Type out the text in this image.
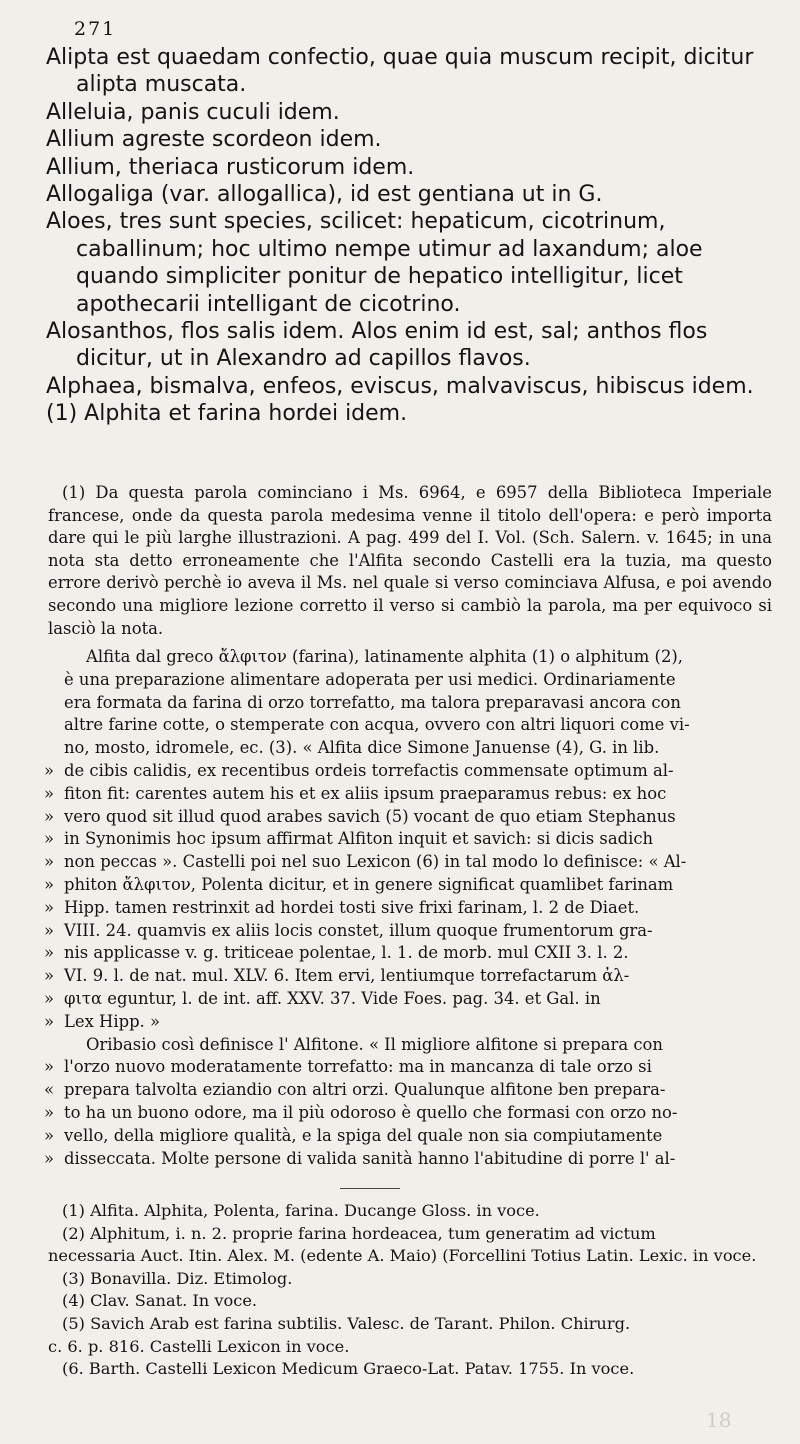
271
Alipta est quaedam confectio, quae quia muscum recipit, dicitur alipta muscata.
Alleluia, panis cuculi idem.
Allium agreste scordeon idem.
Allium, theriaca rusticorum idem.
Allogaliga (var. allogallica), id est gentiana ut in G.
Aloes, tres sunt species, scilicet: hepaticum, cicotrinum, caballinum; hoc ultimo nempe utimur ad laxandum; aloe quando simpliciter ponitur de hepatico intelligitur, licet apothecarii intelligant de cicotrino.
Alosanthos, flos salis idem. Alos enim id est, sal; anthos flos dicitur, ut in Alexandro ad capillos flavos.
Alphaea, bismalva, enfeos, eviscus, malvaviscus, hibiscus idem.
(1) Alphita et farina hordei idem.
(1) Da questa parola cominciano i Ms. 6964, e 6957 della Biblioteca Imperiale francese, onde da questa parola medesima venne il titolo dell'opera: e però importa dare qui le più larghe illustrazioni. A pag. 499 del I. Vol. (Sch. Salern. v. 1645; in una nota sta detto erroneamente che l'Alfita secondo Castelli era la tuzia, ma questo errore derivò perchè io aveva il Ms. nel quale si verso cominciava Alfusa, e poi avendo secondo una migliore lezione corretto il verso si cambiò la parola, ma per equivoco si lasciò la nota.
Alfita dal greco ἄλφιτον (farina), latinamente alphita (1) o alphitum (2),
è una preparazione alimentare adoperata per usi medici. Ordinariamente
era formata da farina di orzo torrefatto, ma talora preparavasi ancora con
altre farine cotte, o stemperate con acqua, ovvero con altri liquori come vi-
no, mosto, idromele, ec. (3). « Alfita dice Simone Januense (4), G. in lib.
» de cibis calidis, ex recentibus ordeis torrefactis commensate optimum al-
» fiton fit: carentes autem his et ex aliis ipsum praeparamus rebus: ex hoc
» vero quod sit illud quod arabes savich (5) vocant de quo etiam Stephanus
» in Synonimis hoc ipsum affirmat Alfiton inquit et savich: si dicis sadich
» non peccas ». Castelli poi nel suo Lexicon (6) in tal modo lo definisce: « Al-
» phiton ἄλφιτον, Polenta dicitur, et in genere significat quamlibet farinam
» Hipp. tamen restrinxit ad hordei tosti sive frixi farinam, l. 2 de Diaet.
» VIII. 24. quamvis ex aliis locis constet, illum quoque frumentorum gra-
» nis applicasse v. g. triticeae polentae, l. 1. de morb. mul CXII 3. l. 2.
» VI. 9. l. de nat. mul. XLV. 6. Item ervi, lentiumque torrefactarum ἀλ-
» φιτα eguntur, l. de int. aff. XXV. 37. Vide Foes. pag. 34. et Gal. in
» Lex Hipp. »
Oribasio così definisce l' Alfitone. « Il migliore alfitone si prepara con
» l'orzo nuovo moderatamente torrefatto: ma in mancanza di tale orzo si
« prepara talvolta eziandio con altri orzi. Qualunque alfitone ben prepara-
» to ha un buono odore, ma il più odoroso è quello che formasi con orzo no-
» vello, della migliore qualità, e la spiga del quale non sia compiutamente
» disseccata. Molte persone di valida sanità hanno l'abitudine di porre l' al-
(1) Alfita. Alphita, Polenta, farina. Ducange Gloss. in voce.
(2) Alphitum, i. n. 2. proprie farina hordeacea, tum generatim ad victum
necessaria Auct. Itin. Alex. M. (edente A. Maio) (Forcellini Totius Latin. Lexic. in voce.
(3) Bonavilla. Diz. Etimolog.
(4) Clav. Sanat. In voce.
(5) Savich Arab est farina subtilis. Valesc. de Tarant. Philon. Chirurg.
c. 6. p. 816. Castelli Lexicon in voce.
(6. Barth. Castelli Lexicon Medicum Graeco-Lat. Patav. 1755. In voce.
18
